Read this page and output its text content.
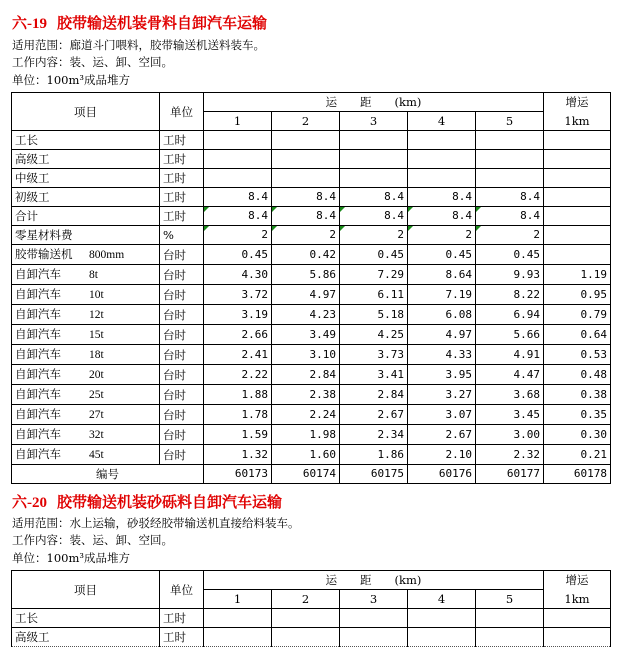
六-19 胶带输送机装骨料自卸汽车运输
适用范围：廊道斗门喂料，胶带输送机送料装车。
工作内容：装、运、卸、空回。
单位：100m³成品堆方
项目	单位	运　　距　　(km)					增运
		1	2	3	4	5	1km
工长	工时						
高级工	工时						
中级工	工时						
初级工	工时	8.4	8.4	8.4	8.4	8.4	
合计	工时	8.4	8.4	8.4	8.4	8.4	
零星材料费	%	2	2	2	2	2	
胶带输送机 800mm	台时	0.45	0.42	0.45	0.45	0.45	
自卸汽车 8t	台时	4.30	5.86	7.29	8.64	9.93	1.19
自卸汽车 10t	台时	3.72	4.97	6.11	7.19	8.22	0.95
自卸汽车 12t	台时	3.19	4.23	5.18	6.08	6.94	0.79
自卸汽车 15t	台时	2.66	3.49	4.25	4.97	5.66	0.64
自卸汽车 18t	台时	2.41	3.10	3.73	4.33	4.91	0.53
自卸汽车 20t	台时	2.22	2.84	3.41	3.95	4.47	0.48
自卸汽车 25t	台时	1.88	2.38	2.84	3.27	3.68	0.38
自卸汽车 27t	台时	1.78	2.24	2.67	3.07	3.45	0.35
自卸汽车 32t	台时	1.59	1.98	2.34	2.67	3.00	0.30
自卸汽车 45t	台时	1.32	1.60	1.86	2.10	2.32	0.21
编号		60173	60174	60175	60176	60177	60178
六-20 胶带输送机装砂砾料自卸汽车运输
适用范围：水上运输，砂驳经胶带输送机直接给料装车。
工作内容：装、运、卸、空回。
单位：100m³成品堆方
项目	单位	运　　距　　(km)					增运
		1	2	3	4	5	1km
工长	工时						
高级工	工时						
